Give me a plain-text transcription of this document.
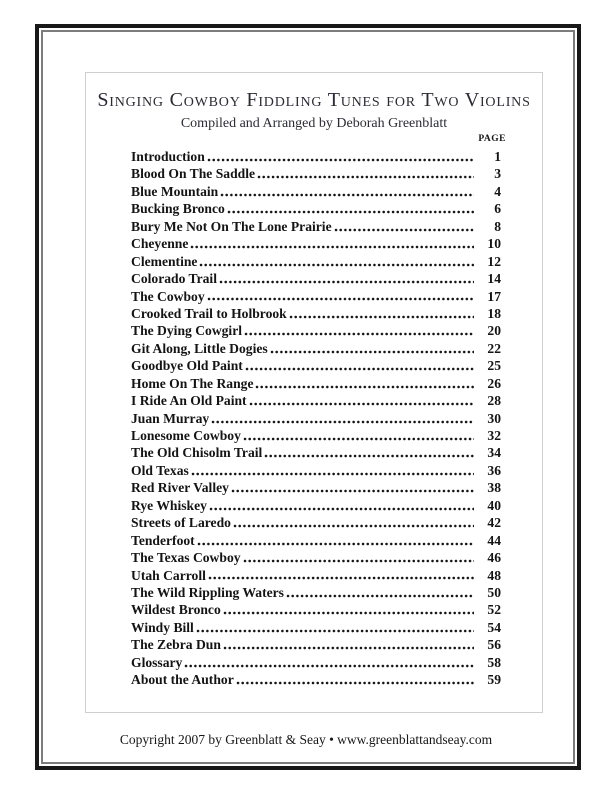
Singing Cowboy Fiddling Tunes for Two Violins
Compiled and Arranged by Deborah Greenblatt
PAGE
Introduction	1
Blood On The Saddle	3
Blue Mountain	4
Bucking Bronco	6
Bury Me Not On The Lone Prairie	8
Cheyenne	10
Clementine	12
Colorado Trail	14
The Cowboy	17
Crooked Trail to Holbrook	18
The Dying Cowgirl	20
Git Along, Little Dogies	22
Goodbye Old Paint	25
Home On The Range	26
I Ride An Old Paint	28
Juan Murray	30
Lonesome Cowboy	32
The Old Chisolm Trail	34
Old Texas	36
Red River Valley	38
Rye Whiskey	40
Streets of Laredo	42
Tenderfoot	44
The Texas Cowboy	46
Utah Carroll	48
The Wild Rippling Waters	50
Wildest Bronco	52
Windy Bill	54
The Zebra Dun	56
Glossary	58
About the Author	59
Copyright 2007 by Greenblatt & Seay • www.greenblattandseay.com
